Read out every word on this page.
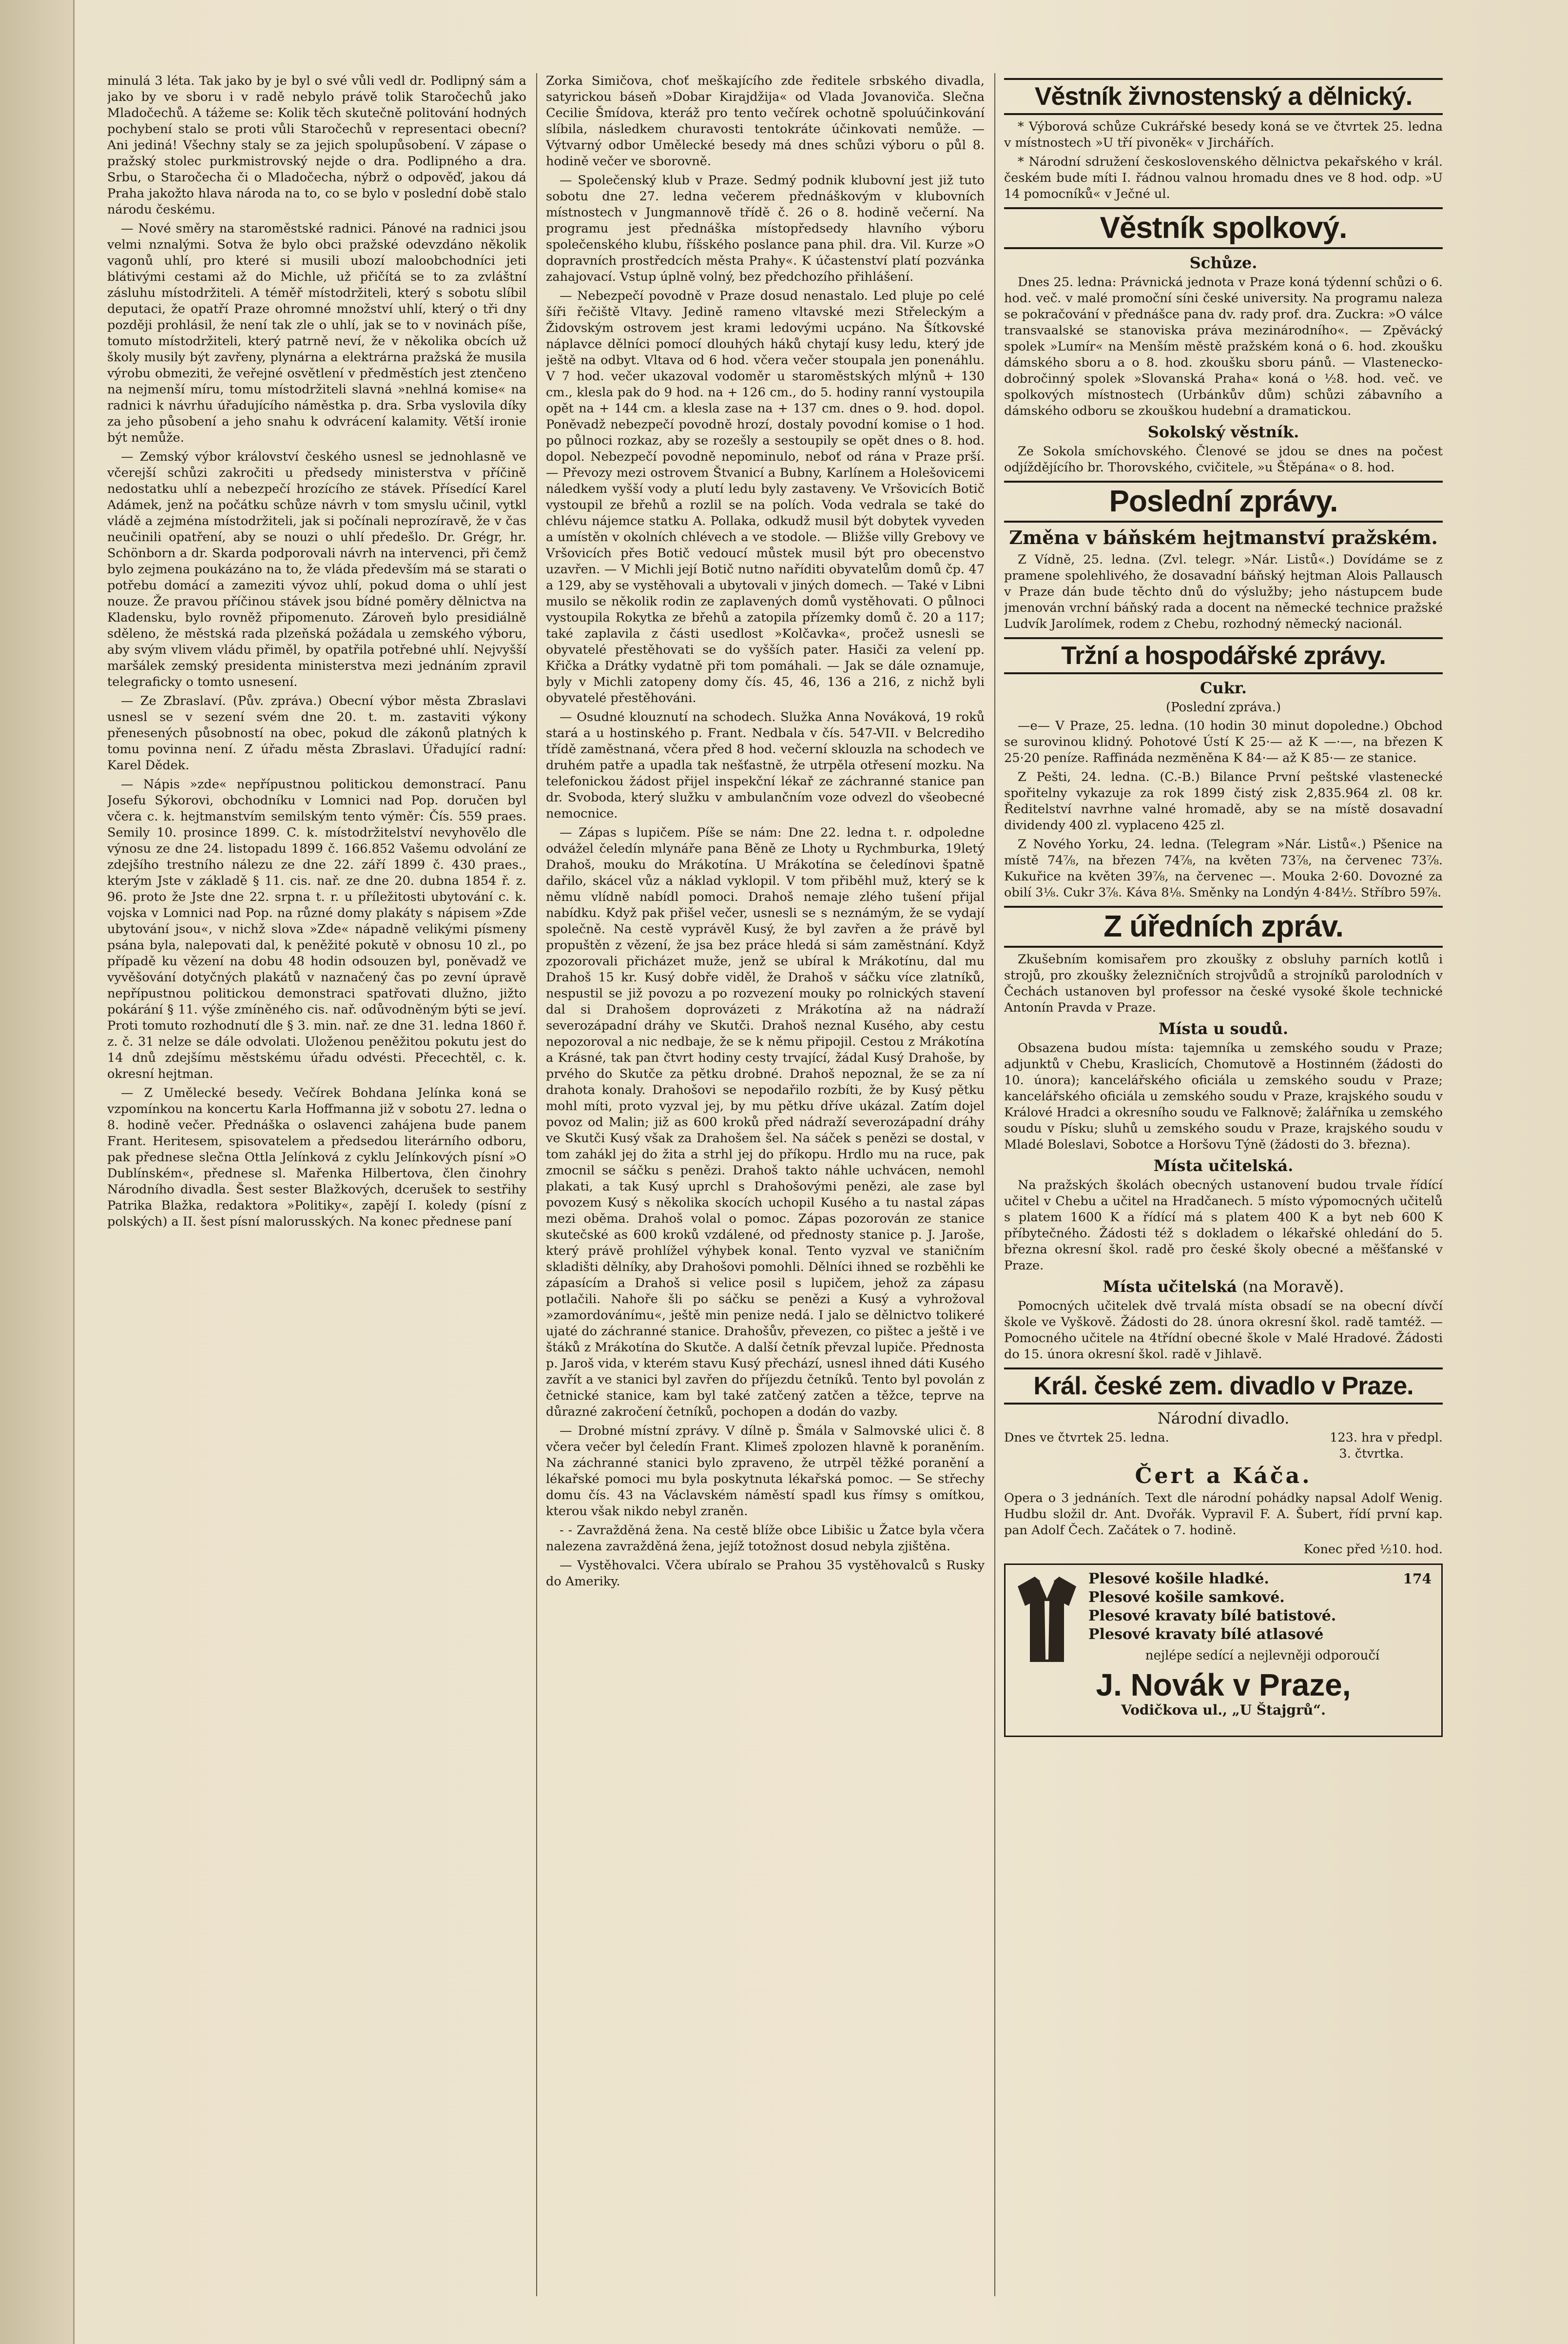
minulá 3 léta. Tak jako by je byl o své vůli vedl dr. Podlipný sám a jako by ve sboru i v radě nebylo právě tolik Staročechů jako Mladočechů. A tážeme se: Kolik těch skutečně politování hodných pochybení stalo se proti vůli Staročechů v representaci obecní? Ani jediná! Všechny staly se za jejich spolupůsobení. V zápase o pražský stolec purkmistrovský nejde o dra. Podlipného a dra. Srbu, o Staročecha či o Mladočecha, nýbrž o odpověď, jakou dá Praha jakožto hlava národa na to, co se bylo v poslední době stalo národu českému.

— Nové směry na staroměstské radnici. Pánové na radnici jsou velmi nznalými. Sotva že bylo obci pražské odevzdáno několik vagonů uhlí, pro které si musili ubozí maloobchodníci jeti blátivými cestami až do Michle, už přičítá se to za zvláštní zásluhu místodržiteli. A téměř místodržiteli, který s sobotu slíbil deputaci, že opatří Praze ohromné množství uhlí, který o tři dny později prohlásil, že není tak zle o uhlí, jak se to v novinách píše, tomuto místodržiteli, který patrně neví, že v několika obcích už školy musily být zavřeny, plynárna a elektrárna pražská že musila výrobu obmeziti, že veřejné osvětlení v předměstích jest ztenčeno na nejmenší míru, tomu místodržiteli slavná »nehlná komise« na radnici k návrhu úřadujícího náměstka p. dra. Srba vyslovila díky za jeho působení a jeho snahu k odvrácení kalamity. Větší ironie být nemůže.

— Zemský výbor království českého usnesl se jednohlasně ve včerejší schůzi zakročiti u předsedy ministerstva v příčině nedostatku uhlí a nebezpečí hrozícího ze stávek. Přísedící Karel Adámek, jenž na počátku schůze návrh v tom smyslu učinil, vytkl vládě a zejména místodržiteli, jak si počínali neprozíravě, že v čas neučinili opatření, aby se nouzi o uhlí předešlo. Dr. Grégr, hr. Schönborn a dr. Skarda podporovali návrh na intervenci, při čemž bylo zejmena poukázáno na to, že vláda především má se starati o potřebu domácí a zameziti vývoz uhlí, pokud doma o uhlí jest nouze. Že pravou příčinou stávek jsou bídné poměry dělnictva na Kladensku, bylo rovněž připomenuto. Zároveň bylo presidiálně sděleno, že městská rada plzeňská požádala u zemského výboru, aby svým vlivem vládu přiměl, by opatřila potřebné uhlí. Nejvyšší maršálek zemský presidenta ministerstva mezi jednáním zpravil telegraficky o tomto usnesení.

— Ze Zbraslaví. (Pův. zpráva.) Obecní výbor města Zbraslavi usnesl se v sezení svém dne 20. t. m. zastaviti výkony přenesených působností na obec, pokud dle zákonů platných k tomu povinna není. Z úřadu města Zbraslavi. Úřadující radní: Karel Dědek.

— Nápis »zde« nepřípustnou politickou demonstrací. Panu Josefu Sýkorovi, obchodníku v Lomnici nad Pop. doručen byl včera c. k. hejtmanstvím semilským tento výměr: Čís. 559 praes. Semily 10. prosince 1899. C. k. místodržitelství nevyhovělo dle výnosu ze dne 24. listopadu 1899 č. 166.852 Vašemu odvolání ze zdejšího trestního nálezu ze dne 22. září 1899 č. 430 praes., kterým Jste v základě § 11. cis. nař. ze dne 20. dubna 1854 ř. z. 96. proto že Jste dne 22. srpna t. r. u příležitosti ubytování c. k. vojska v Lomnici nad Pop. na různé domy plakáty s nápisem »Zde ubytování jsou«, v nichž slova »Zde« nápadně velikými písmeny psána byla, nalepovati dal, k peněžité pokutě v obnosu 10 zl., po případě ku vězení na dobu 48 hodin odsouzen byl, poněvadž ve vyvěšování dotyčných plakátů v naznačený čas po zevní úpravě nepřípustnou politickou demonstraci spatřovati dlužno, jižto pokárání § 11. výše zmíněného cis. nař. odůvodněným býti se jeví. Proti tomuto rozhodnutí dle § 3. min. nař. ze dne 31. ledna 1860 ř. z. č. 31 nelze se dále odvolati. Uloženou peněžitou pokutu jest do 14 dnů zdejšímu městskému úřadu odvésti. Přecechtěl, c. k. okresní hejtman.

— Z Umělecké besedy. Večírek Bohdana Jelínka koná se vzpomínkou na koncertu Karla Hoffmanna již v sobotu 27. ledna o 8. hodině večer. Přednáška o oslavenci zahájena bude panem Frant. Heritesem, spisovatelem a předsedou literárního odboru, pak přednese slečna Ottla Jelínková z cyklu Jelínkových písní »O Dublínském«, přednese sl. Mařenka Hilbertova, člen činohry Národního divadla. Šest sester Blažkových, dcerušek to sestřihy Patrika Blažka, redaktora »Politiky«, zapějí I. koledy (písní z polských) a II. šest písní malorusských. Na konec přednese paní

Zorka Simičova, choť meškajícího zde ředitele srbského divadla, satyrickou báseň »Dobar Kirajdžija« od Vlada Jovanoviča. Slečna Cecilie Šmídova, kteráž pro tento večírek ochotně spoluúčinkování slíbila, následkem churavosti tentokráte účinkovati nemůže. — Výtvarný odbor Umělecké besedy má dnes schůzi výboru o půl 8. hodině večer ve sborovně.

— Společenský klub v Praze. Sedmý podnik klubovní jest již tuto sobotu dne 27. ledna večerem přednáškovým v klubovních místnostech v Jungmannově třídě č. 26 o 8. hodině večerní. Na programu jest přednáška místopředsedy hlavního výboru společenského klubu, říšského poslance pana phil. dra. Vil. Kurze »O dopravních prostředcích města Prahy«. K účastenství platí pozvánka zahajovací. Vstup úplně volný, bez předchozího přihlášení.

— Nebezpečí povodně v Praze dosud nenastalo. Led pluje po celé šíři řečiště Vltavy. Jedině rameno vltavské mezi Střeleckým a Židovským ostrovem jest krami ledovými ucpáno. Na Šítkovské náplavce dělníci pomocí dlouhých háků chytají kusy ledu, který jde ještě na odbyt. Vltava od 6 hod. včera večer stoupala jen ponenáhlu. V 7 hod. večer ukazoval vodoměr u staroměstských mlýnů + 130 cm., klesla pak do 9 hod. na + 126 cm., do 5. hodiny ranní vystoupila opět na + 144 cm. a klesla zase na + 137 cm. dnes o 9. hod. dopol. Poněvadž nebezpečí povodně hrozí, dostaly povodní komise o 1 hod. po půlnoci rozkaz, aby se rozešly a sestoupily se opět dnes o 8. hod. dopol. Nebezpečí povodně nepominulo, neboť od rána v Praze prší. — Převozy mezi ostrovem Štvanicí a Bubny, Karlínem a Holešovicemi náledkem vyšší vody a plutí ledu byly zastaveny. Ve Vršovicích Botič vystoupil ze břehů a rozlil se na polích. Voda vedrala se také do chlévu nájemce statku A. Pollaka, odkudž musil být dobytek vyveden a umístěn v okolních chlévech a ve stodole. — Bližše villy Grebovy ve Vršovicích přes Botič vedoucí můstek musil být pro obecenstvo uzavřen. — V Michli její Botič nutno naříditi obyvatelům domů čp. 47 a 129, aby se vystěhovali a ubytovali v jiných domech. — Také v Libni musilo se několik rodin ze zaplavených domů vystěhovati. O půlnoci vystoupila Rokytka ze břehů a zatopila přízemky domů č. 20 a 117; také zaplavila z části usedlost »Kolčavka«, pročež usnesli se obyvatelé přestěhovati se do vyšších pater. Hasiči za velení pp. Křička a Drátky vydatně při tom pomáhali. — Jak se dále oznamuje, byly v Michli zatopeny domy čís. 45, 46, 136 a 216, z nichž byli obyvatelé přestěhováni.

— Osudné klouznutí na schodech. Služka Anna Nováková, 19 roků stará a u hostinského p. Frant. Nedbala v čís. 547-VII. v Belcrediho třídě zaměstnaná, včera před 8 hod. večerní sklouzla na schodech ve druhém patře a upadla tak nešťastně, že utrpěla otřesení mozku. Na telefonickou žádost přijel inspekční lékař ze záchranné stanice pan dr. Svoboda, který služku v ambulančním voze odvezl do všeobecné nemocnice.

— Zápas s lupičem. Píše se nám: Dne 22. ledna t. r. odpoledne odvážel čeledín mlynáře pana Běně ze Lhoty u Rychmburka, 19letý Drahoš, mouku do Mrákotína. U Mrákotína se čeledínovi špatně dařilo, skácel vůz a náklad vyklopil. V tom přiběhl muž, který se k němu vlídně nabídl pomoci. Drahoš nemaje zlého tušení přijal nabídku. Když pak přišel večer, usnesli se s neznámým, že se vydají společně. Na cestě vyprávěl Kusý, že byl zavřen a že právě byl propuštěn z vězení, že jsa bez práce hledá si sám zaměstnání. Když zpozorovali přicházet muže, jenž se ubíral k Mrákotínu, dal mu Drahoš 15 kr. Kusý dobře viděl, že Drahoš v sáčku více zlatníků, nespustil se již povozu a po rozvezení mouky po rolnických stavení dal si Drahošem doprovázeti z Mrákotína až na nádraží severozápadní dráhy ve Skutči. Drahoš neznal Kusého, aby cestu nepozoroval a nic nedbaje, že se k němu připojil. Cestou z Mrákotína a Krásné, tak pan čtvrt hodiny cesty trvající, žádal Kusý Drahoše, by prvého do Skutče za pětku drobné. Drahoš nepoznal, že se za ní drahota konaly. Drahošovi se nepodařilo rozbíti, že by Kusý pětku mohl míti, proto vyzval jej, by mu pětku dříve ukázal. Zatím dojel povoz od Malin; již as 600 kroků před nádraží severozápadní dráhy ve Skutči Kusý však za Drahošem šel. Na sáček s penězi se dostal, v tom zahákl jej do žita a strhl jej do příkopu. Hrdlo mu na ruce, pak zmocnil se sáčku s penězi. Drahoš takto náhle uchvácen, nemohl plakati, a tak Kusý uprchl s Drahošovými penězi, ale zase byl povozem Kusý s několika skocích uchopil Kusého a tu nastal zápas mezi oběma. Drahoš volal o pomoc. Zápas pozorován ze stanice skutečské as 600 kroků vzdálené, od přednosty stanice p. J. Jaroše, který právě prohlížel výhybek konal. Tento vyzval ve staničním skladišti dělníky, aby Drahošovi pomohli. Dělníci ihned se rozběhli ke zápasícím a Drahoš si velice posil s lupičem, jehož za zápasu potlačili. Nahoře šli po sáčku se penězi a Kusý a vyhrožoval »zamordovánímu«, ještě min penize nedá. I jalo se dělnictvo tolikeré ujaté do záchranné stanice. Drahošův, převezen, co pištec a ještě i ve štáků z Mrákotína do Skutče. A další četník převzal lupiče. Přednosta p. Jaroš vida, v kterém stavu Kusý přechází, usnesl ihned dáti Kusého zavřít a ve stanici byl zavřen do příjezdu četníků. Tento byl povolán z četnické stanice, kam byl také zatčený zatčen a těžce, teprve na důrazné zakročení četníků, pochopen a dodán do vazby.

— Drobné místní zprávy. V dílně p. Šmála v Salmovské ulici č. 8 včera večer byl čeledín Frant. Klimeš zpolozen hlavně k poraněním. Na záchranné stanici bylo zpraveno, že utrpěl těžké poranění a lékařské pomoci mu byla poskytnuta lékařská pomoc. — Se střechy domu čís. 43 na Václavském náměstí spadl kus římsy s omítkou, kterou však nikdo nebyl zraněn.

- - Zavražděná žena. Na cestě blíže obce Libišic u Žatce byla včera nalezena zavražděná žena, jejíž totožnost dosud nebyla zjištěna.

— Vystěhovalci. Včera ubíralo se Prahou 35 vystěhovalců s Rusky do Ameriky.

Věstník živnostenský a dělnický.

* Výborová schůze Cukrářské besedy koná se ve čtvrtek 25. ledna v místnostech »U tří pivoněk« v Jirchářích.

* Národní sdružení československého dělnictva pekařského v král. českém bude míti I. řádnou valnou hromadu dnes ve 8 hod. odp. »U 14 pomocníků« v Ječné ul.

Věstník spolkový.
Schůze.

Dnes 25. ledna: Právnická jednota v Praze koná týdenní schůzi o 6. hod. več. v malé promoční síni české university. Na programu naleza se pokračování v přednášce pana dv. rady prof. dra. Zuckra: »O válce transvaalské se stanoviska práva mezinárodního«. — Zpěvácký spolek »Lumír« na Menším městě pražském koná o 6. hod. zkoušku dámského sboru a o 8. hod. zkoušku sboru pánů. — Vlastenecko-dobročinný spolek »Slovanská Praha« koná o ½8. hod. več. ve spolkových místnostech (Urbánkův dům) schůzi zábavního a dámského odboru se zkouškou hudební a dramatickou.

Sokolský věstník.

Ze Sokola smíchovského. Členové se jdou se dnes na počest odjíždějícího br. Thorovského, cvičitele, »u Štěpána« o 8. hod.

Poslední zprávy.
Změna v báňském hejtmanství pražském.

Z Vídně, 25. ledna. (Zvl. telegr. »Nár. Listů«.) Dovídáme se z pramene spolehlivého, že dosavadní báňský hejtman Alois Pallausch v Praze dán bude těchto dnů do výslužby; jeho nástupcem bude jmenován vrchní báňský rada a docent na německé technice pražské Ludvík Jarolímek, rodem z Chebu, rozhodný německý nacionál.

Tržní a hospodářské zprávy.
Cukr.
(Poslední zpráva.)

—e— V Praze, 25. ledna. (10 hodin 30 minut dopoledne.) Obchod se surovinou klidný. Pohotové Ústí K 25·— až K —·—, na březen K 25·20 peníze. Raffináda nezměněna K 84·— až K 85·— ze stanice.

Z Pešti, 24. ledna. (C.-B.) Bilance První peštské vlastenecké spořitelny vykazuje za rok 1899 čistý zisk 2,835.964 zl. 08 kr. Ředitelství navrhne valné hromadě, aby se na místě dosavadní dividendy 400 zl. vyplaceno 425 zl.

Z Nového Yorku, 24. ledna. (Telegram »Nár. Listů«.) Pšenice na místě 74⅞, na březen 74⅞, na květen 73⅞, na červenec 73⅞. Kukuřice na květen 39⅞, na červenec —. Mouka 2·60. Dovozné za obilí 3⅛. Cukr 3⅞. Káva 8⅛. Směnky na Londýn 4·84½. Stříbro 59⅞.

Z úředních zpráv.

Zkušebním komisařem pro zkoušky z obsluhy parních kotlů i strojů, pro zkoušky železničních strojvůdů a strojníků parolodních v Čechách ustanoven byl professor na české vysoké škole technické Antonín Pravda v Praze.

Místa u soudů.

Obsazena budou místa: tajemníka u zemského soudu v Praze; adjunktů v Chebu, Kraslicích, Chomutově a Hostinném (žádosti do 10. února); kancelářského oficiála u zemského soudu v Praze; kancelářského oficiála u zemského soudu v Praze, krajského soudu v Králové Hradci a okresního soudu ve Falknově; žalářníka u zemského soudu v Písku; sluhů u zemského soudu v Praze, krajského soudu v Mladé Boleslavi, Sobotce a Horšovu Týně (žádosti do 3. března).

Místa učitelská.

Na pražských školách obecných ustanovení budou trvale řídící učitel v Chebu a učitel na Hradčanech. 5 místo výpomocných učitelů s platem 1600 K a řídící má s platem 400 K a byt neb 600 K příbytečného. Žádosti též s dokladem o lékařské ohledání do 5. března okresní škol. radě pro české školy obecné a měšťanské v Praze.

Místa učitelská (na Moravě).

Pomocných učitelek dvě trvalá místa obsadí se na obecní dívčí škole ve Vyškově. Žádosti do 28. února okresní škol. radě tamtéž. — Pomocného učitele na 4třídní obecné škole v Malé Hradové. Žádosti do 15. února okresní škol. radě v Jihlavě.

Král. české zem. divadlo v Praze.
Národní divadlo.
Dnes ve čtvrtek 25. ledna.	123. hra v předpl.
3. čtvrtka.
Čert a Káča.

Opera o 3 jednáních. Text dle národní pohádky napsal Adolf Wenig. Hudbu složil dr. Ant. Dvořák. Vypravil F. A. Šubert, řídí první kap. pan Adolf Čech. Začátek o 7. hodině.

Konec před ½10. hod.
174
Plesové košile hladké.
Plesové košile samkové.
Plesové kravaty bílé batistové.
Plesové kravaty bílé atlasové
nejlépe sedící a nejlevněji odporoučí
J. Novák v Praze,
Vodičkova ul., „U Štajgrů“.
